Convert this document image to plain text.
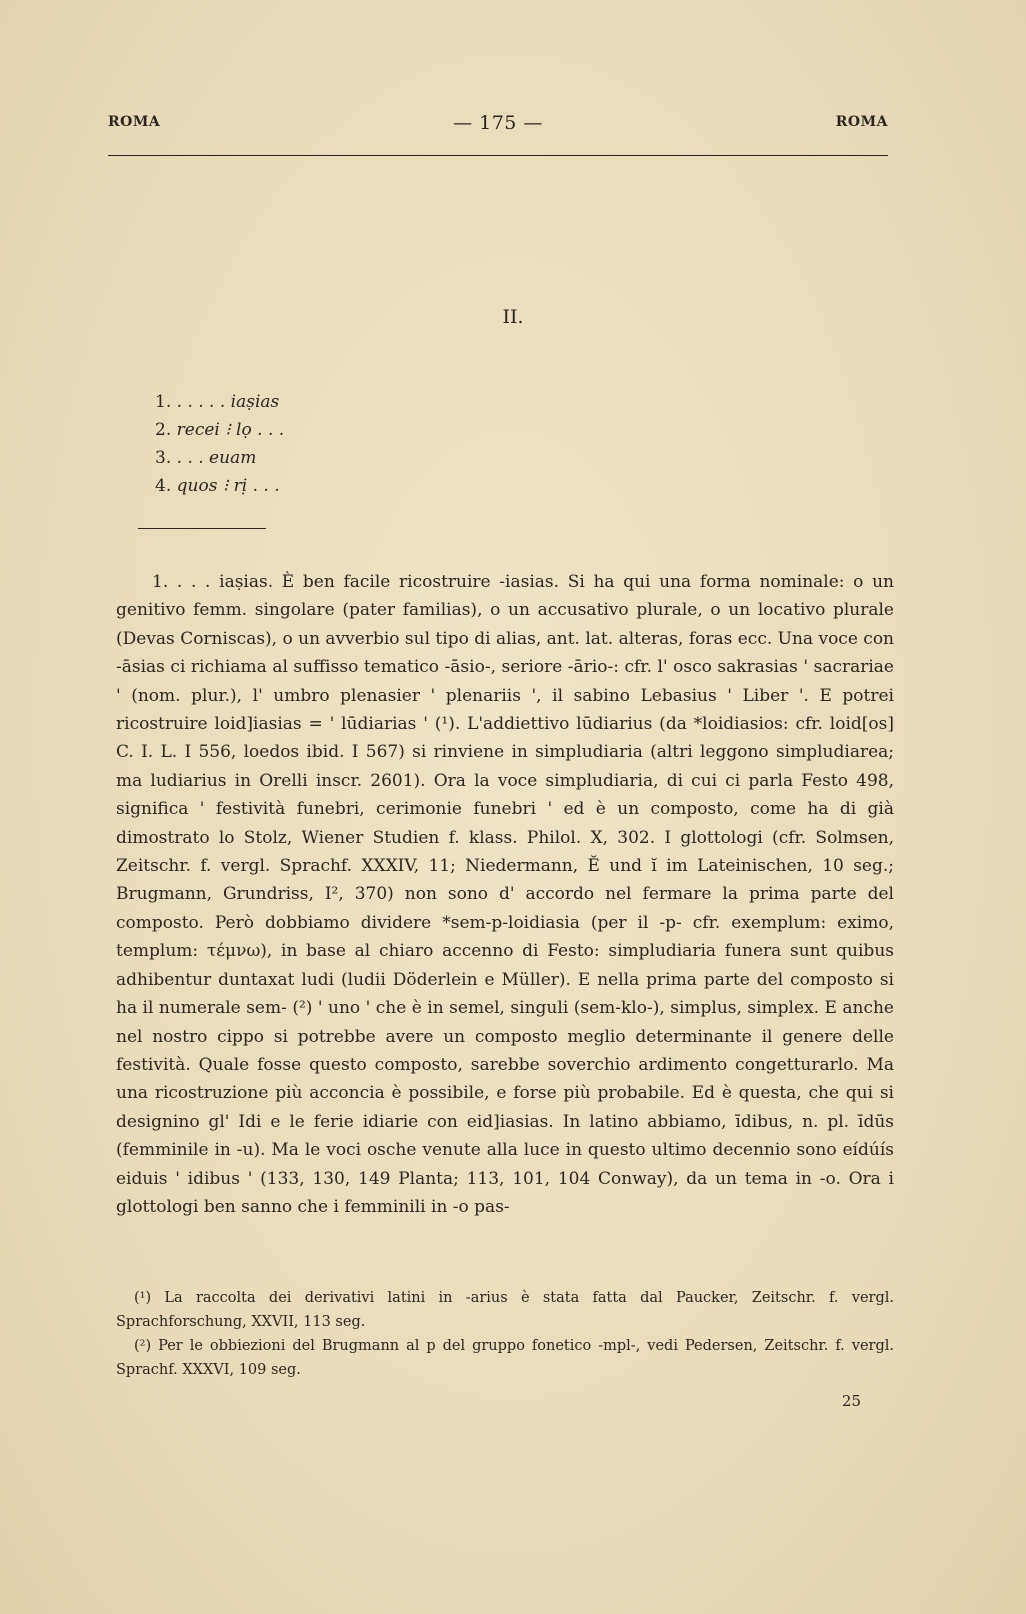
ROMA	— 175 —	ROMA
II.
1. . . . . . iaṣias
2. recei ⁝ lọ . . .
3. . . . euam
4. quos ⁝ rị . . .

1. . . . iaṣias. È ben facile ricostruire -iasias. Si ha qui una forma nominale: o un genitivo femm. singolare (pater familias), o un accusativo plurale, o un locativo plurale (Devas Corniscas), o un avverbio sul tipo di alias, ant. lat. alteras, foras ecc. Una voce con -āsias ci richiama al suffisso tematico -āsio-, seriore -ārio-: cfr. l' osco sakrasias ' sacrariae ' (nom. plur.), l' umbro plenasier ' plenariis ', il sabino Lebasius ' Liber '. E potrei ricostruire loid]iasias = ' lūdiarias ' (¹). L'addiettivo lūdiarius (da *loidiasios: cfr. loid[os] C. I. L. I 556, loedos ibid. I 567) si rinviene in simpludiaria (altri leggono simpludiarea; ma ludiarius in Orelli inscr. 2601). Ora la voce simpludiaria, di cui ci parla Festo 498, significa ' festività funebri, cerimonie funebri ' ed è un composto, come ha di già dimostrato lo Stolz, Wiener Studien f. klass. Philol. X, 302. I glottologi (cfr. Solmsen, Zeitschr. f. vergl. Sprachf. XXXIV, 11; Niedermann, Ĕ und ĭ im Lateinischen, 10 seg.; Brugmann, Grundriss, I², 370) non sono d' accordo nel fermare la prima parte del composto. Però dobbiamo dividere *sem-p-loidiasia (per il -p- cfr. exemplum: eximo, templum: τέμνω), in base al chiaro accenno di Festo: simpludiaria funera sunt quibus adhibentur duntaxat ludi (ludii Döderlein e Müller). E nella prima parte del composto si ha il numerale sem- (²) ' uno ' che è in semel, singuli (sem-klo-), simplus, simplex. E anche nel nostro cippo si potrebbe avere un composto meglio determinante il genere delle festività. Quale fosse questo composto, sarebbe soverchio ardimento congetturarlo. Ma una ricostruzione più acconcia è possibile, e forse più probabile. Ed è questa, che qui si designino gl' Idi e le ferie idiarie con eid]iasias. In latino abbiamo, īdibus, n. pl. īdūs (femminile in -u). Ma le voci osche venute alla luce in questo ultimo decennio sono eídúís eiduis ' idibus ' (133, 130, 149 Planta; 113, 101, 104 Conway), da un tema in -o. Ora i glottologi ben sanno che i femminili in -o pas-

(¹) La raccolta dei derivativi latini in -arius è stata fatta dal Paucker, Zeitschr. f. vergl. Sprachforschung, XXVII, 113 seg.

(²) Per le obbiezioni del Brugmann al p del gruppo fonetico -mpl-, vedi Pedersen, Zeitschr. f. vergl. Sprachf. XXXVI, 109 seg.

25
